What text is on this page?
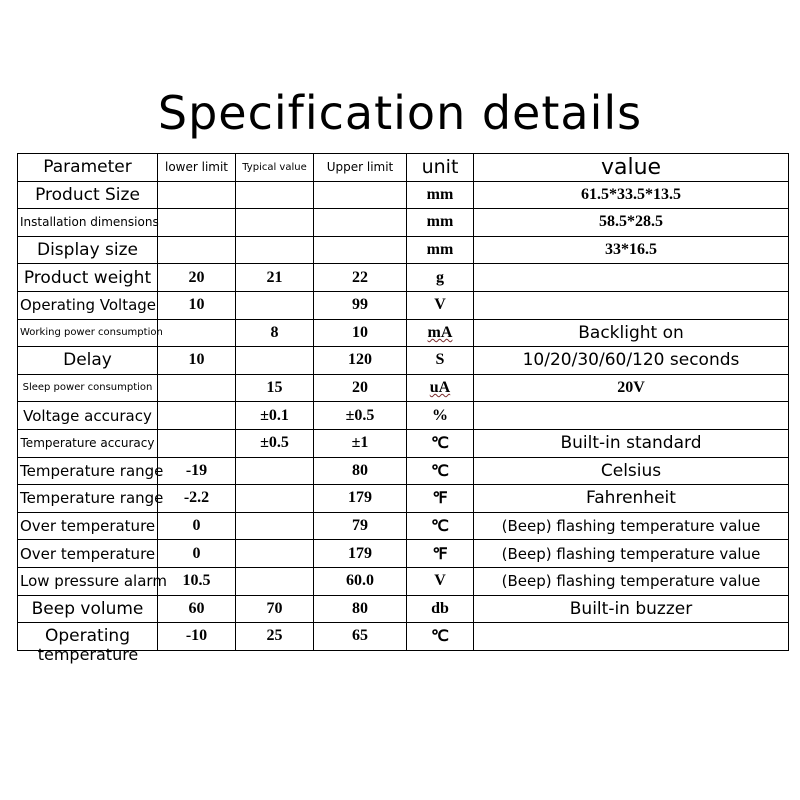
Specification details
Parameter	lower limit	Typical value	Upper limit	unit	value
Product Size				mm	61.5*33.5*13.5
Installation dimensions				mm	58.5*28.5
Display size				mm	33*16.5
Product weight	20	21	22	g	
Operating Voltage	10		99	V	
Working power consumption		8	10	mA	Backlight on
Delay	10		120	S	10/20/30/60/120 seconds
Sleep power consumption		15	20	uA	20V
Voltage accuracy		±0.1	±0.5	%	
Temperature accuracy		±0.5	±1	℃	Built-in standard
Temperature range	-19		80	℃	Celsius
Temperature range	-2.2		179	℉	Fahrenheit
Over temperature	0		79	℃	(Beep) flashing temperature value
Over temperature	0		179	℉	(Beep) flashing temperature value
Low pressure alarm	10.5		60.0	V	(Beep) flashing temperature value
Beep volume	60	70	80	db	Built-in buzzer
Operating
temperature	-10	25	65	℃	
